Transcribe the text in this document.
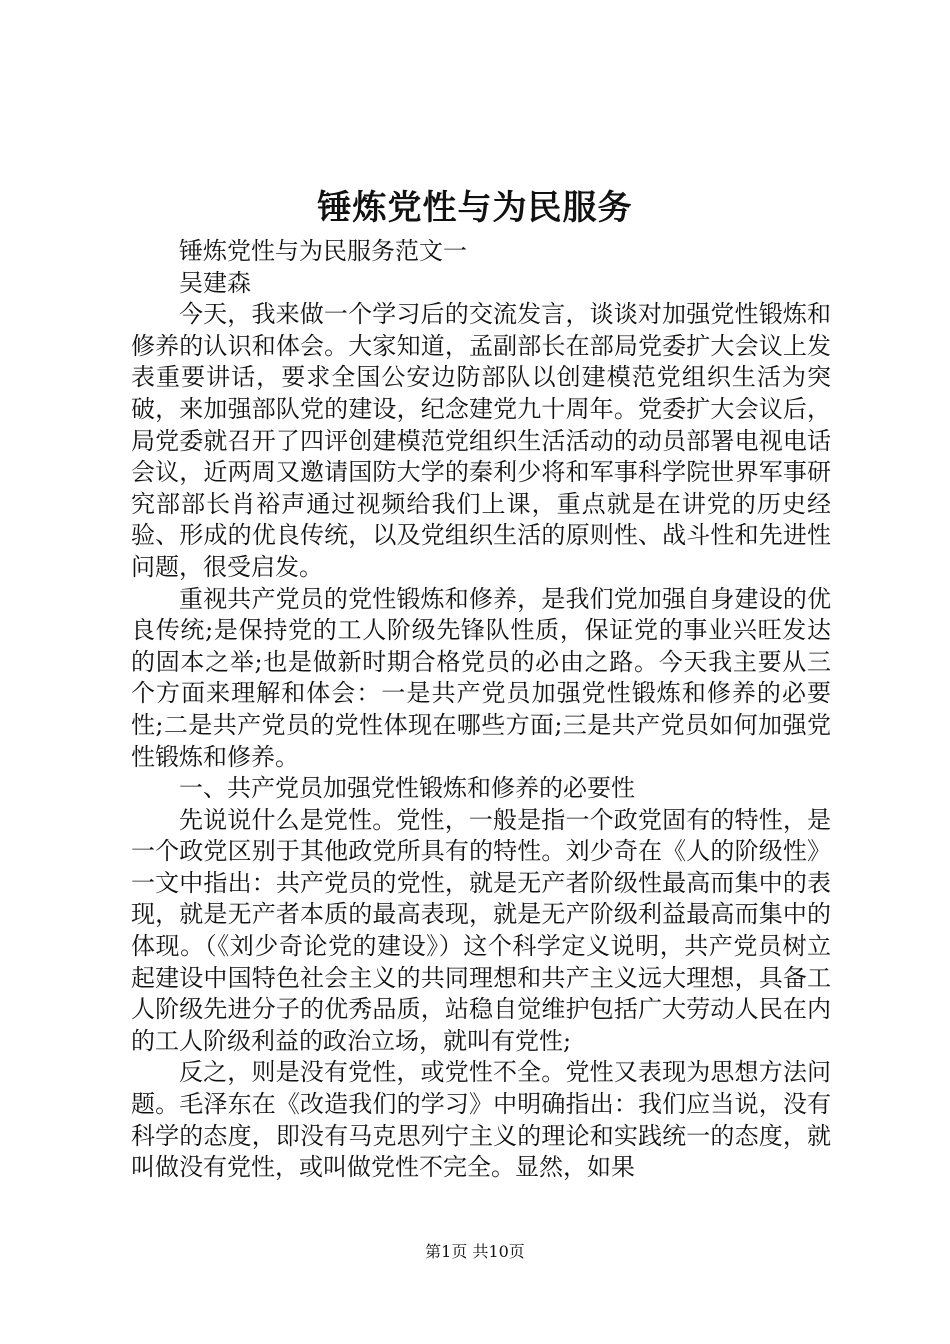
锤炼党性与为民服务

锤炼党性与为民服务范文一

吴建森

今天，我来做一个学习后的交流发言，谈谈对加强党性锻炼和修养的认识和体会。大家知道，孟副部长在部局党委扩大会议上发表重要讲话，要求全国公安边防部队以创建模范党组织生活为突破，来加强部队党的建设，纪念建党九十周年。党委扩大会议后，局党委就召开了四评创建模范党组织生活活动的动员部署电视电话会议，近两周又邀请国防大学的秦利少将和军事科学院世界军事研究部部长肖裕声通过视频给我们上课，重点就是在讲党的历史经验、形成的优良传统，以及党组织生活的原则性、战斗性和先进性问题，很受启发。

重视共产党员的党性锻炼和修养，是我们党加强自身建设的优良传统;是保持党的工人阶级先锋队性质，保证党的事业兴旺发达的固本之举;也是做新时期合格党员的必由之路。今天我主要从三个方面来理解和体会：一是共产党员加强党性锻炼和修养的必要性;二是共产党员的党性体现在哪些方面;三是共产党员如何加强党性锻炼和修养。

一、共产党员加强党性锻炼和修养的必要性

先说说什么是党性。党性，一般是指一个政党固有的特性，是一个政党区别于其他政党所具有的特性。刘少奇在《人的阶级性》一文中指出：共产党员的党性，就是无产者阶级性最高而集中的表现，就是无产者本质的最高表现，就是无产阶级利益最高而集中的体现。（《刘少奇论党的建设》）这个科学定义说明，共产党员树立起建设中国特色社会主义的共同理想和共产主义远大理想，具备工人阶级先进分子的优秀品质，站稳自觉维护包括广大劳动人民在内的工人阶级利益的政治立场，就叫有党性;

反之，则是没有党性，或党性不全。党性又表现为思想方法问题。毛泽东在《改造我们的学习》中明确指出：我们应当说，没有科学的态度，即没有马克思列宁主义的理论和实践统一的态度，就叫做没有党性，或叫做党性不完全。显然，如果

第1页 共10页
